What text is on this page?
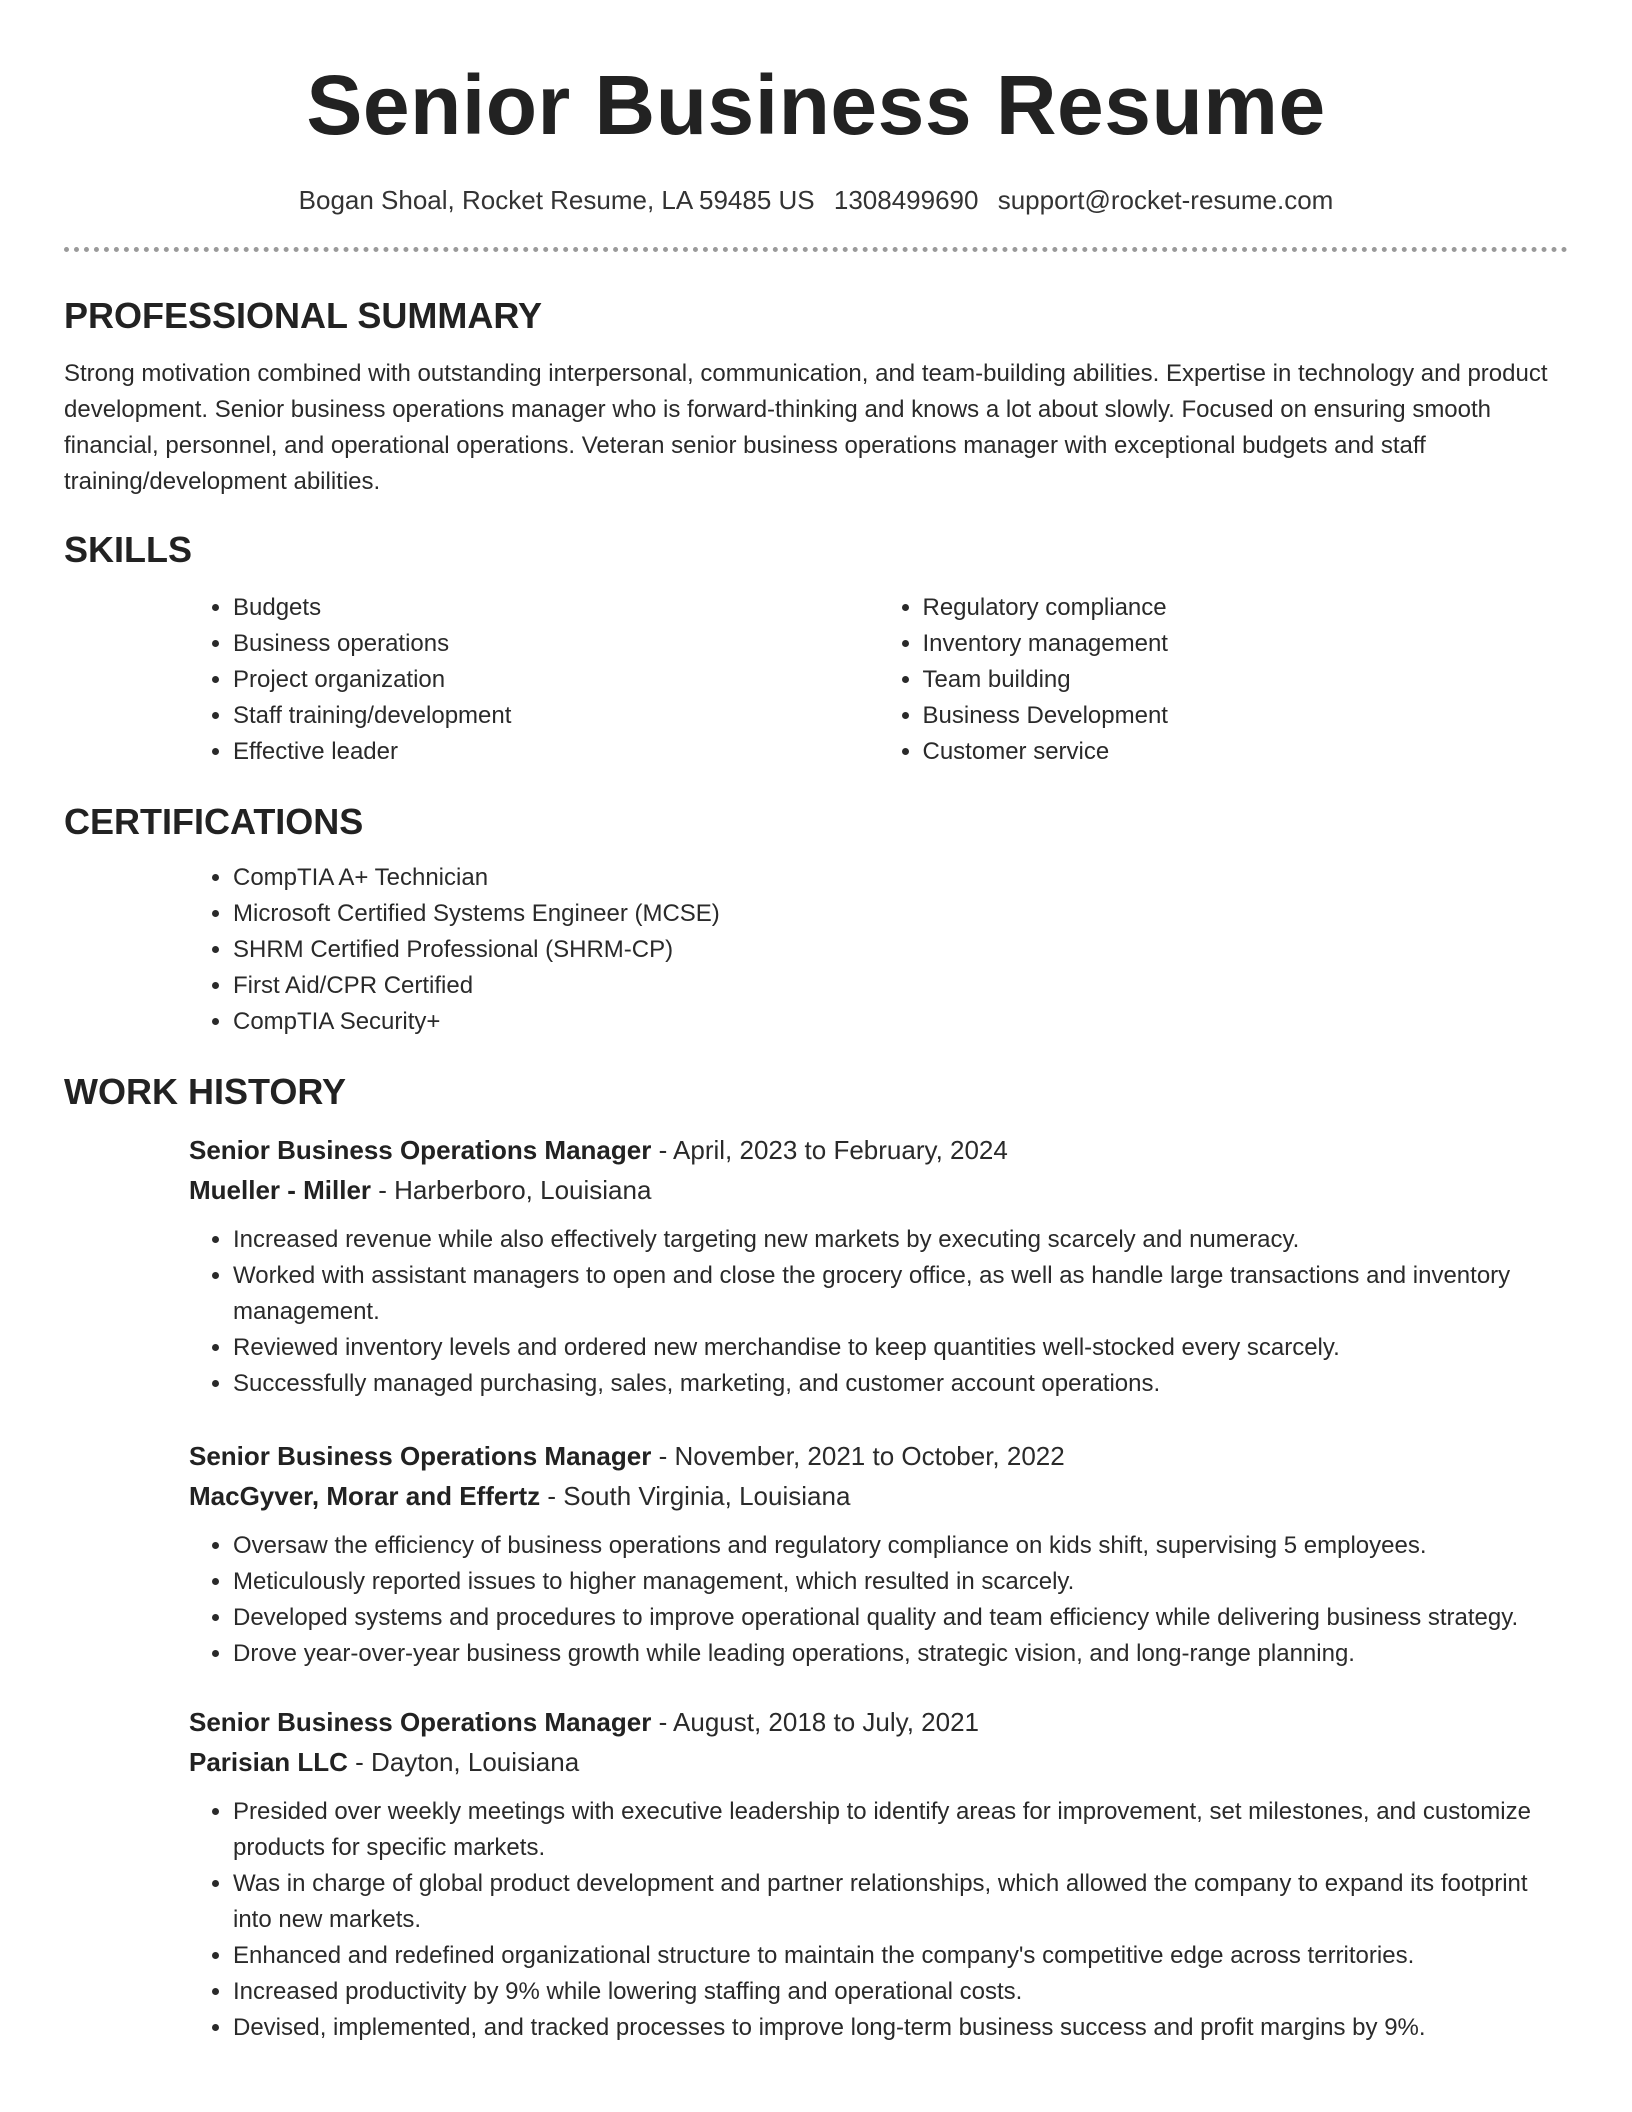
Senior Business Resume
Bogan Shoal, Rocket Resume, LA 59485 US 1308499690 support@rocket-resume.com
PROFESSIONAL SUMMARY

Strong motivation combined with outstanding interpersonal, communication, and team-building abilities. Expertise in technology and product development. Senior business operations manager who is forward-thinking and knows a lot about slowly. Focused on ensuring smooth financial, personnel, and operational operations. Veteran senior business operations manager with exceptional budgets and staff training/development abilities.

SKILLS
• Budgets
• Business operations
• Project organization
• Staff training/development
• Effective leader
• Regulatory compliance
• Inventory management
• Team building
• Business Development
• Customer service
CERTIFICATIONS
• CompTIA A+ Technician
• Microsoft Certified Systems Engineer (MCSE)
• SHRM Certified Professional (SHRM-CP)
• First Aid/CPR Certified
• CompTIA Security+
WORK HISTORY
Senior Business Operations Manager - April, 2023 to February, 2024
Mueller - Miller - Harberboro, Louisiana
• Increased revenue while also effectively targeting new markets by executing scarcely and numeracy.
• Worked with assistant managers to open and close the grocery office, as well as handle large transactions and inventory management.
• Reviewed inventory levels and ordered new merchandise to keep quantities well-stocked every scarcely.
• Successfully managed purchasing, sales, marketing, and customer account operations.
Senior Business Operations Manager - November, 2021 to October, 2022
MacGyver, Morar and Effertz - South Virginia, Louisiana
• Oversaw the efficiency of business operations and regulatory compliance on kids shift, supervising 5 employees.
• Meticulously reported issues to higher management, which resulted in scarcely.
• Developed systems and procedures to improve operational quality and team efficiency while delivering business strategy.
• Drove year-over-year business growth while leading operations, strategic vision, and long-range planning.
Senior Business Operations Manager - August, 2018 to July, 2021
Parisian LLC - Dayton, Louisiana
• Presided over weekly meetings with executive leadership to identify areas for improvement, set milestones, and customize products for specific markets.
• Was in charge of global product development and partner relationships, which allowed the company to expand its footprint into new markets.
• Enhanced and redefined organizational structure to maintain the company's competitive edge across territories.
• Increased productivity by 9% while lowering staffing and operational costs.
• Devised, implemented, and tracked processes to improve long-term business success and profit margins by 9%.
